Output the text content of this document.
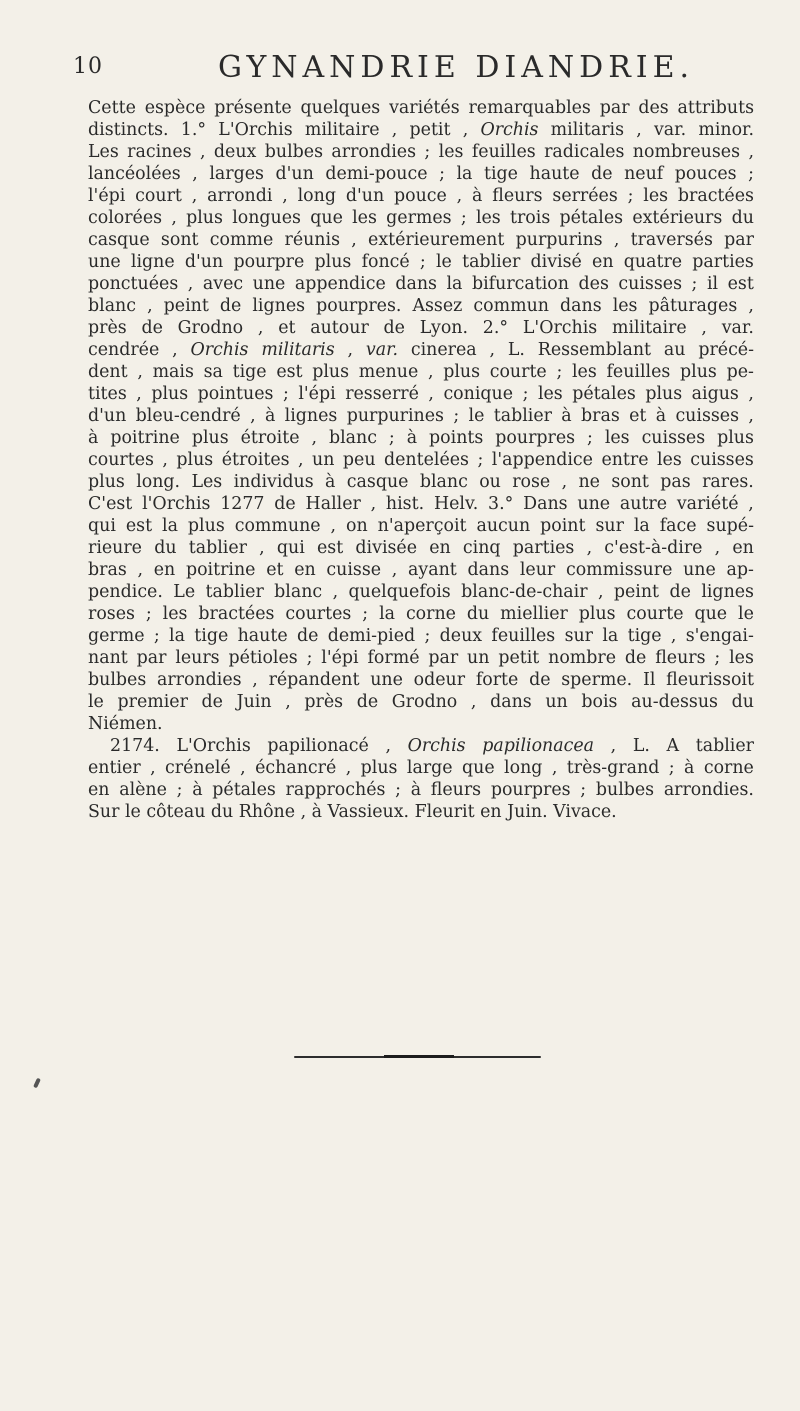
10	GYNANDRIE DIANDRIE.
Cette espèce présente quelques variétés remarquables par des attributs
distincts. 1.° L'Orchis militaire , petit , Orchis militaris , var. minor.
Les racines , deux bulbes arrondies ; les feuilles radicales nombreuses ,
lancéolées , larges d'un demi-pouce ; la tige haute de neuf pouces ;
l'épi court , arrondi , long d'un pouce , à fleurs serrées ; les bractées
colorées , plus longues que les germes ; les trois pétales extérieurs du
casque sont comme réunis , extérieurement purpurins , traversés par
une ligne d'un pourpre plus foncé ; le tablier divisé en quatre parties
ponctuées , avec une appendice dans la bifurcation des cuisses ; il est
blanc , peint de lignes pourpres. Assez commun dans les pâturages ,
près de Grodno , et autour de Lyon. 2.° L'Orchis militaire , var.
cendrée , Orchis militaris , var. cinerea , L. Ressemblant au précé-
dent , mais sa tige est plus menue , plus courte ; les feuilles plus pe-
tites , plus pointues ; l'épi resserré , conique ; les pétales plus aigus ,
d'un bleu-cendré , à lignes purpurines ; le tablier à bras et à cuisses ,
à poitrine plus étroite , blanc ; à points pourpres ; les cuisses plus
courtes , plus étroites , un peu dentelées ; l'appendice entre les cuisses
plus long. Les individus à casque blanc ou rose , ne sont pas rares.
C'est l'Orchis 1277 de Haller , hist. Helv. 3.° Dans une autre variété ,
qui est la plus commune , on n'aperçoit aucun point sur la face supé-
rieure du tablier , qui est divisée en cinq parties , c'est-à-dire , en
bras , en poitrine et en cuisse , ayant dans leur commissure une ap-
pendice. Le tablier blanc , quelquefois blanc-de-chair , peint de lignes
roses ; les bractées courtes ; la corne du miellier plus courte que le
germe ; la tige haute de demi-pied ; deux feuilles sur la tige , s'engai-
nant par leurs pétioles ; l'épi formé par un petit nombre de fleurs ; les
bulbes arrondies , répandent une odeur forte de sperme. Il fleurissoit
le premier de Juin , près de Grodno , dans un bois au-dessus du
Niémen.
2174. L'Orchis papilionacé , Orchis papilionacea , L. A tablier
entier , crénelé , échancré , plus large que long , très-grand ; à corne
en alène ; à pétales rapprochés ; à fleurs pourpres ; bulbes arrondies.
Sur le côteau du Rhône , à Vassieux. Fleurit en Juin. Vivace.
